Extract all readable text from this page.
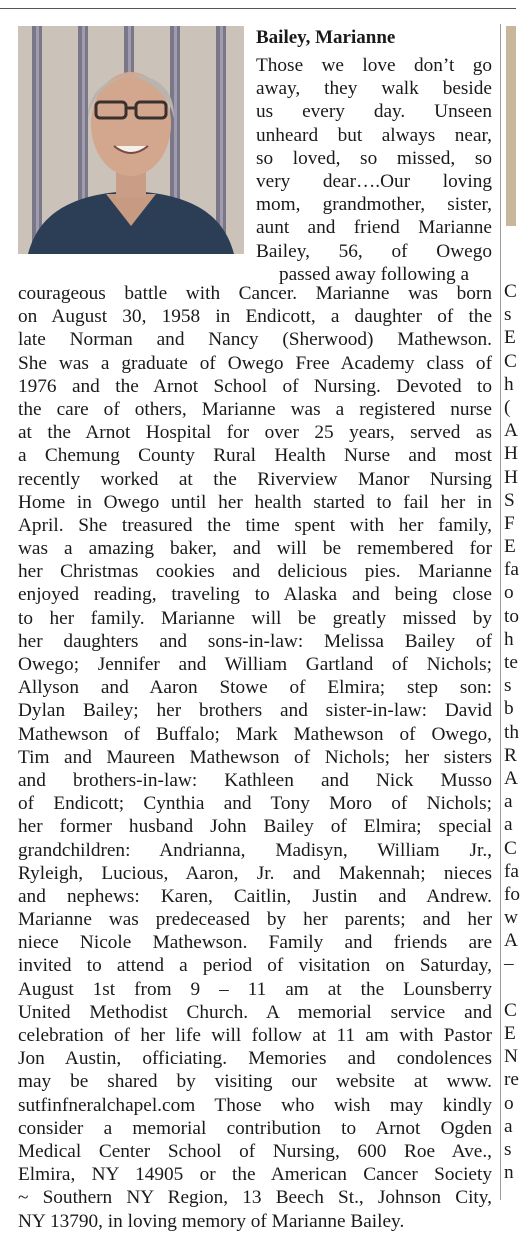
Bailey, Marianne
Those we love don’t go
away, they walk beside
us every day. Unseen
unheard but always near,
so loved, so missed, so
very dear….Our loving
mom, grandmother, sister,
aunt and friend Marianne
Bailey, 56, of Owego
passed away following a
courageous battle with Cancer. Marianne was born
on August 30, 1958 in Endicott, a daughter of the
late Norman and Nancy (Sherwood) Mathewson.
She was a graduate of Owego Free Academy class of
1976 and the Arnot School of Nursing. Devoted to
the care of others, Marianne was a registered nurse
at the Arnot Hospital for over 25 years, served as
a Chemung County Rural Health Nurse and most
recently worked at the Riverview Manor Nursing
Home in Owego until her health started to fail her in
April. She treasured the time spent with her family,
was a amazing baker, and will be remembered for
her Christmas cookies and delicious pies. Marianne
enjoyed reading, traveling to Alaska and being close
to her family. Marianne will be greatly missed by
her daughters and sons-in-law: Melissa Bailey of
Owego; Jennifer and William Gartland of Nichols;
Allyson and Aaron Stowe of Elmira; step son:
Dylan Bailey; her brothers and sister-in-law: David
Mathewson of Buffalo; Mark Mathewson of Owego,
Tim and Maureen Mathewson of Nichols; her sisters
and brothers-in-law: Kathleen and Nick Musso
of Endicott; Cynthia and Tony Moro of Nichols;
her former husband John Bailey of Elmira; special
grandchildren: Andrianna, Madisyn, William Jr.,
Ryleigh, Lucious, Aaron, Jr. and Makennah; nieces
and nephews: Karen, Caitlin, Justin and Andrew.
Marianne was predeceased by her parents; and her
niece Nicole Mathewson. Family and friends are
invited to attend a period of visitation on Saturday,
August 1st from 9 – 11 am at the Lounsberry
United Methodist Church. A memorial service and
celebration of her life will follow at 11 am with Pastor
Jon Austin, officiating. Memories and condolences
may be shared by visiting our website at www.
sutfinfneralchapel.com Those who wish may kindly
consider a memorial contribution to Arnot Ogden
Medical Center School of Nursing, 600 Roe Ave.,
Elmira, NY 14905 or the American Cancer Society
~ Southern NY Region, 13 Beech St., Johnson City,
NY 13790, in loving memory of Marianne Bailey.
C
s
E
C
h
(
A
H
H
S
F
E
fa
o
to
h
te
s
b
th
R
A
a
a
C
fa
fo
w
A
–
C
E
N
re
o
a
s
n
